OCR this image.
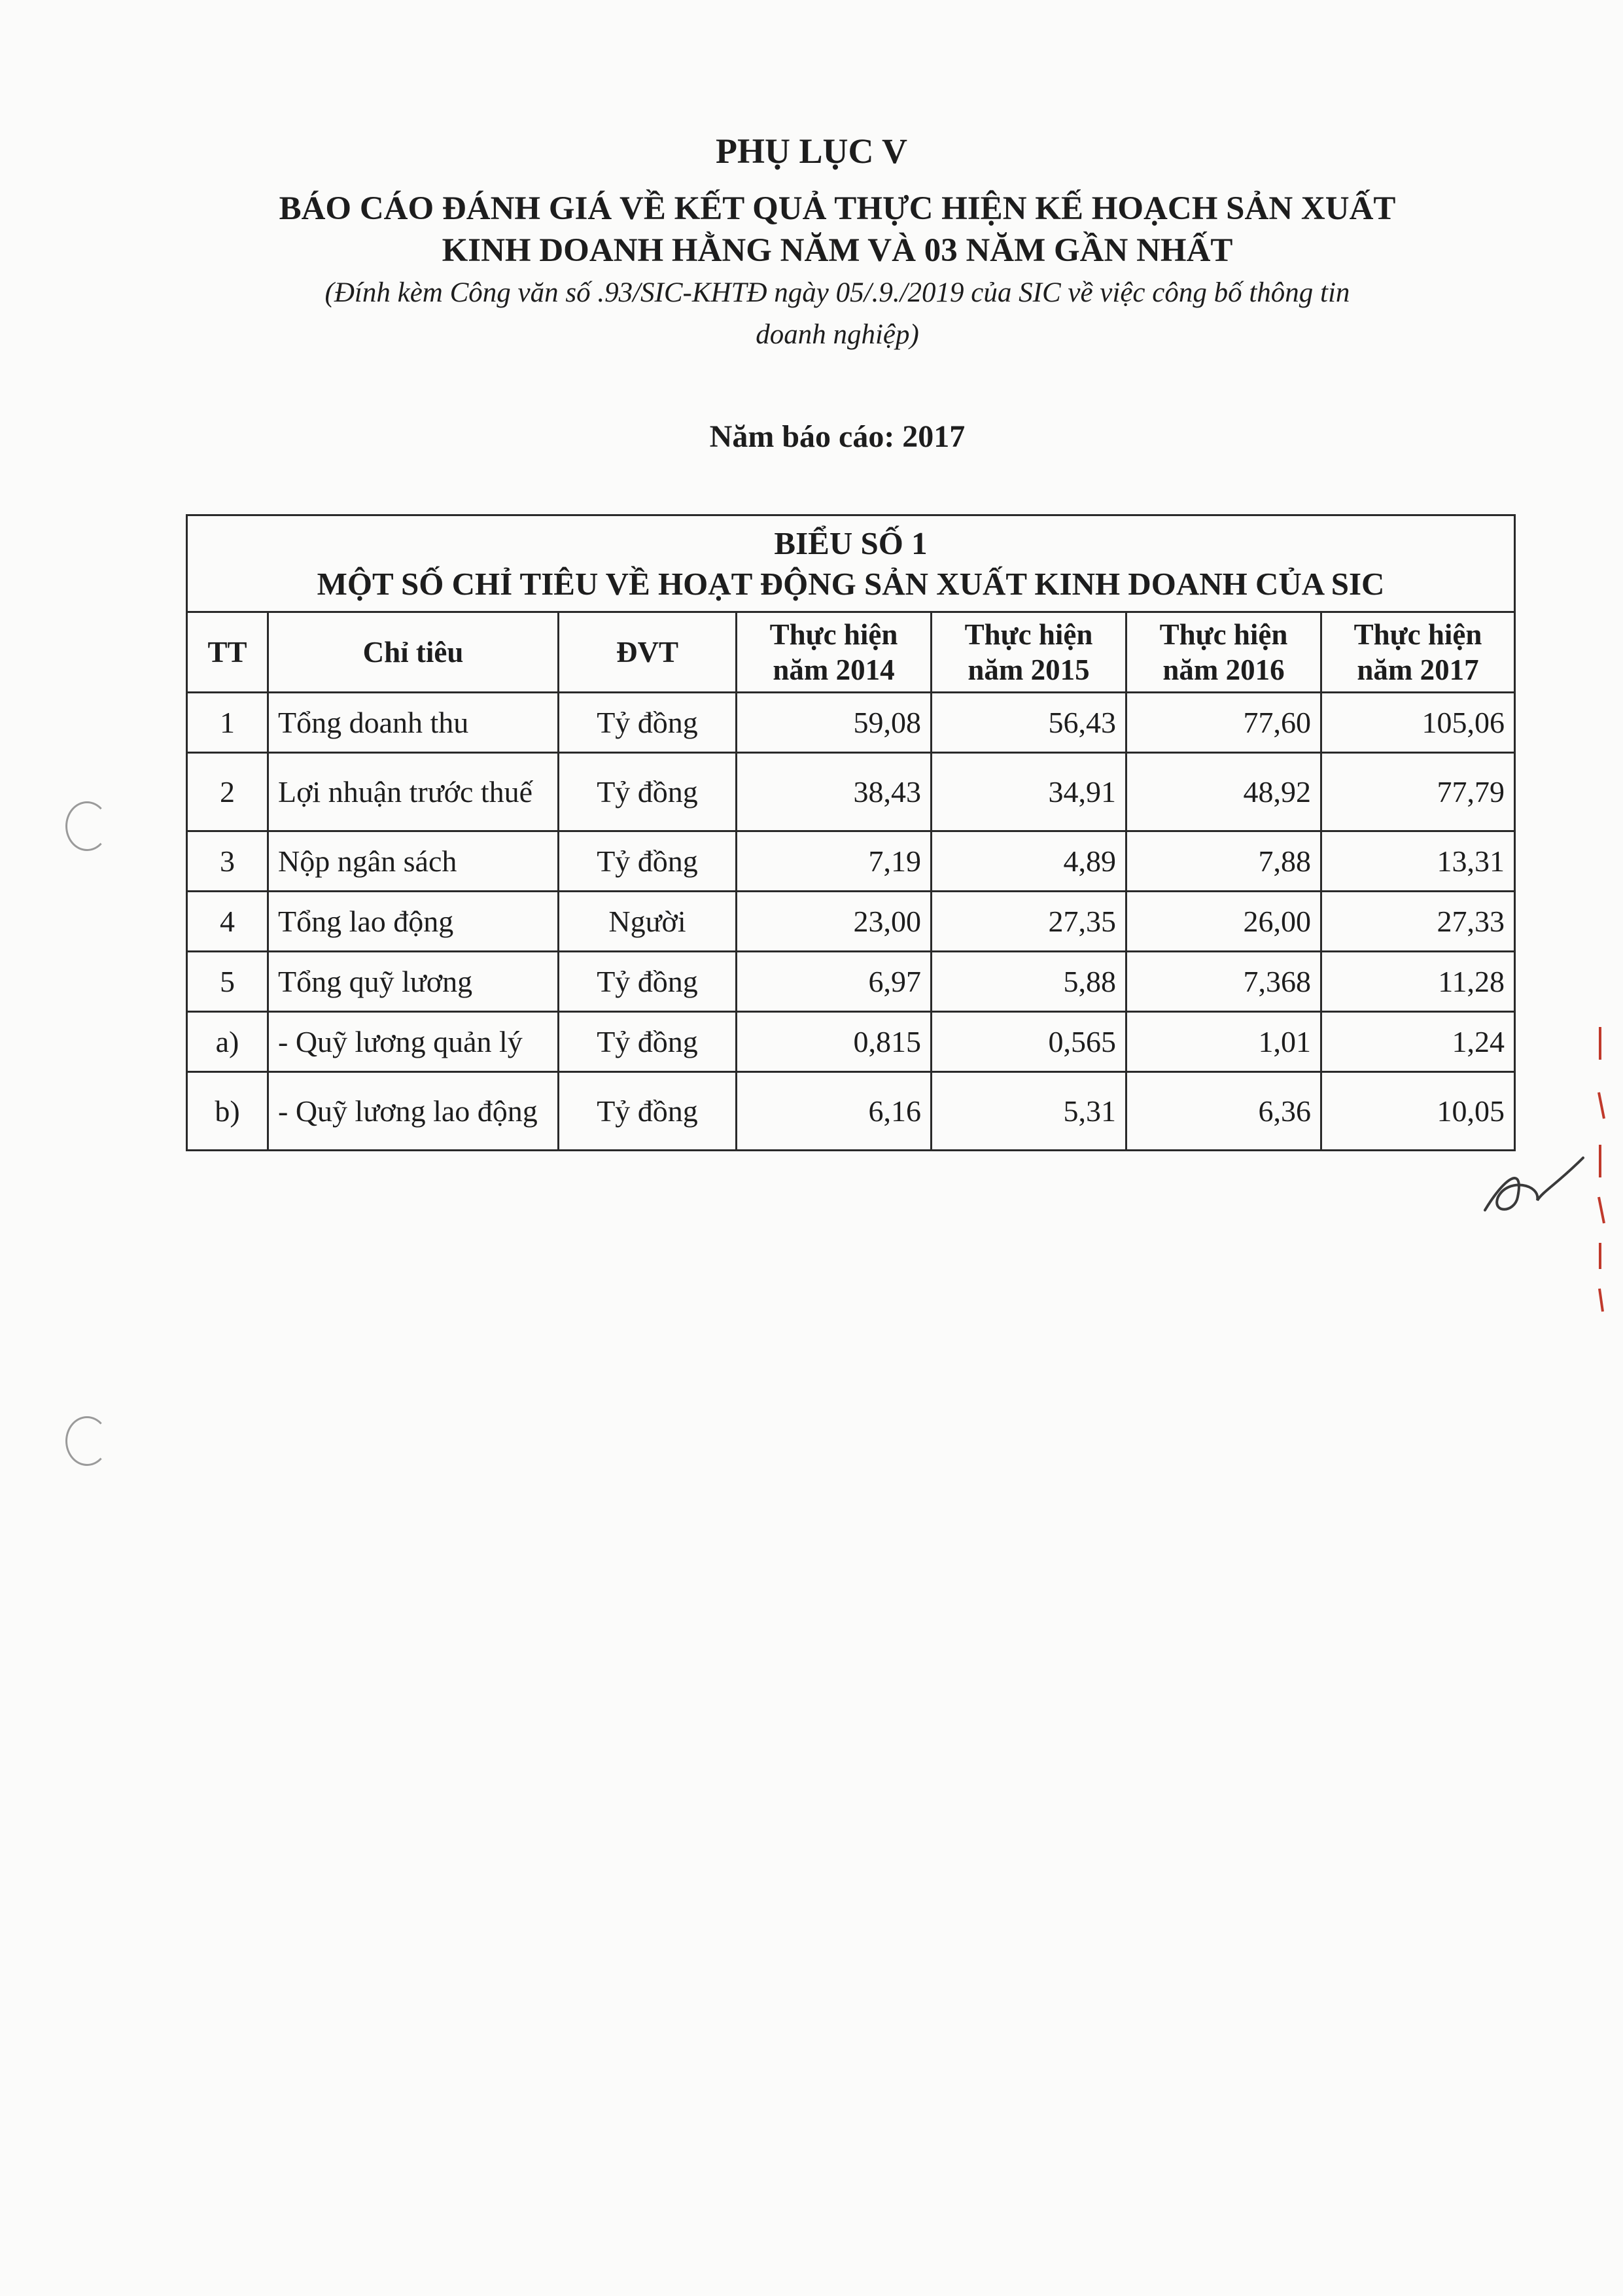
PHỤ LỤC V
BÁO CÁO ĐÁNH GIÁ VỀ KẾT QUẢ THỰC HIỆN KẾ HOẠCH SẢN XUẤT
KINH DOANH HẰNG NĂM VÀ 03 NĂM GẦN NHẤT
(Đính kèm Công văn số .93/SIC-KHTĐ ngày 05/.9./2019 của SIC về việc công bố thông tin
doanh nghiệp)
Năm báo cáo: 2017
BIỂU SỐ 1
MỘT SỐ CHỈ TIÊU VỀ HOẠT ĐỘNG SẢN XUẤT KINH DOANH CỦA SIC						

TT	Chỉ tiêu	ĐVT	Thực hiện năm 2014	Thực hiện năm 2015	Thực hiện năm 2016	Thực hiện năm 2017
1	Tổng doanh thu	Tỷ đồng	59,08	56,43	77,60	105,06
2	Lợi nhuận trước thuế	Tỷ đồng	38,43	34,91	48,92	77,79
3	Nộp ngân sách	Tỷ đồng	7,19	4,89	7,88	13,31
4	Tổng lao động	Người	23,00	27,35	26,00	27,33
5	Tổng quỹ lương	Tỷ đồng	6,97	5,88	7,368	11,28
a)	- Quỹ lương quản lý	Tỷ đồng	0,815	0,565	1,01	1,24
b)	- Quỹ lương lao động	Tỷ đồng	6,16	5,31	6,36	10,05
